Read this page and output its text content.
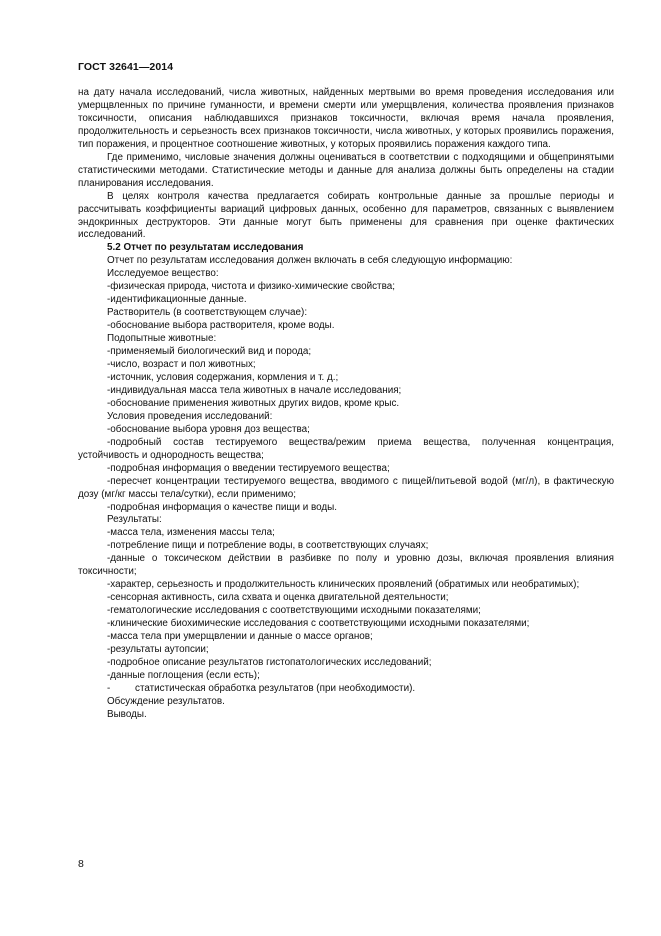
ГОСТ 32641—2014

на дату начала исследований, числа животных, найденных мертвыми во время проведения исследования или умерщвленных по причине гуманности, и времени смерти или умерщвления, количества проявления признаков токсичности, описания наблюдавшихся признаков токсичности, включая время начала проявления, продолжительность и серьезность всех признаков токсичности, числа животных, у которых проявились поражения, тип поражения, и процентное соотношение животных, у которых проявились поражения каждого типа.

Где применимо, числовые значения должны оцениваться в соответствии с подходящими и общепринятыми статистическими методами. Статистические методы и данные для анализа должны быть определены на стадии планирования исследования.

В целях контроля качества предлагается собирать контрольные данные за прошлые периоды и рассчитывать коэффициенты вариаций цифровых данных, особенно для параметров, связанных с выявлением эндокринных деструкторов. Эти данные могут быть применены для сравнения при оценке фактических исследований.

5.2 Отчет по результатам исследования

Отчет по результатам исследования должен включать в себя следующую информацию:

Исследуемое вещество:

-физическая природа, чистота и физико-химические свойства;

-идентификационные данные.

Растворитель (в соответствующем случае):

-обоснование выбора растворителя, кроме воды.

Подопытные животные:

-применяемый биологический вид и порода;

-число, возраст и пол животных;

-источник, условия содержания, кормления и т. д.;

-индивидуальная масса тела животных в начале исследования;

-обоснование применения животных других видов, кроме крыс.

Условия проведения исследований:

-обоснование выбора уровня доз вещества;

-подробный состав тестируемого вещества/режим приема вещества, полученная концентрация, устойчивость и однородность вещества;

-подробная информация о введении тестируемого вещества;

-пересчет концентрации тестируемого вещества, вводимого с пищей/питьевой водой (мг/л), в фактическую дозу (мг/кг массы тела/сутки), если применимо;

-подробная информация о качестве пищи и воды.

Результаты:

-масса тела, изменения массы тела;

-потребление пищи и потребление воды, в соответствующих случаях;

-данные о токсическом действии в разбивке по полу и уровню дозы, включая проявления влияния токсичности;

-характер, серьезность и продолжительность клинических проявлений (обратимых или необратимых);

-сенсорная активность, сила схвата и оценка двигательной деятельности;

-гематологические исследования с соответствующими исходными показателями;

-клинические биохимические исследования с соответствующими исходными показателями;

-масса тела при умерщвлении и данные о массе органов;

-результаты аутопсии;

-подробное описание результатов гистопатологических исследований;

-данные поглощения (если есть);

- статистическая обработка результатов (при необходимости).

Обсуждение результатов.

Выводы.

8
